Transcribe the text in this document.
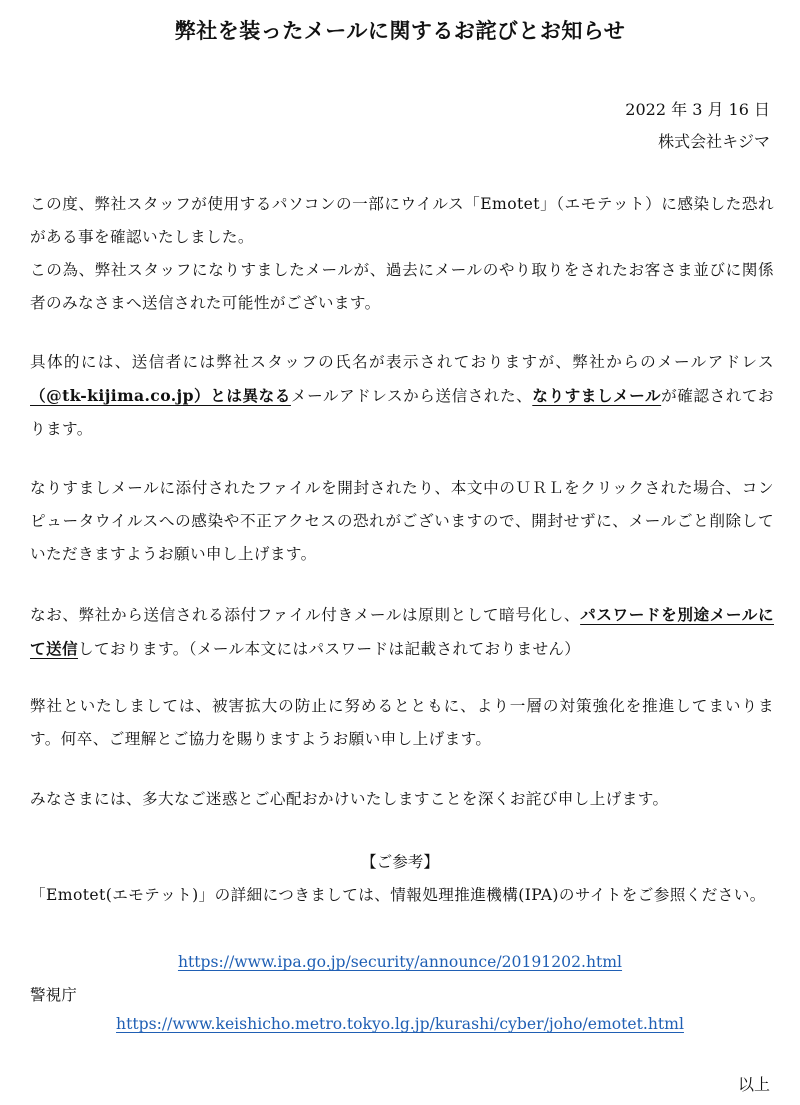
弊社を装ったメールに関するお詫びとお知らせ
2022 年 3 月 16 日
株式会社キジマ
この度、弊社スタッフが使用するパソコンの一部にウイルス「Emotet」（エモテット）に感染した恐れがある事を確認いたしました。
この為、弊社スタッフになりすましたメールが、過去にメールのやり取りをされたお客さま並びに関係者のみなさまへ送信された可能性がございます。
具体的には、送信者には弊社スタッフの氏名が表示されておりますが、弊社からのメールアドレス（@tk-kijima.co.jp）とは異なるメールアドレスから送信された、なりすましメールが確認されております。
なりすましメールに添付されたファイルを開封されたり、本文中のＵＲＬをクリックされた場合、コンピュータウイルスへの感染や不正アクセスの恐れがございますので、開封せずに、メールごと削除していただきますようお願い申し上げます。
なお、弊社から送信される添付ファイル付きメールは原則として暗号化し、パスワードを別途メールにて送信しております。（メール本文にはパスワードは記載されておりません）
弊社といたしましては、被害拡大の防止に努めるとともに、より一層の対策強化を推進してまいります。何卒、ご理解とご協力を賜りますようお願い申し上げます。
みなさまには、多大なご迷惑とご心配おかけいたしますことを深くお詫び申し上げます。
【ご参考】
「Emotet(エモテット)」の詳細につきましては、情報処理推進機構(IPA)のサイトをご参照ください。
https://www.ipa.go.jp/security/announce/20191202.html
警視庁
https://www.keishicho.metro.tokyo.lg.jp/kurashi/cyber/joho/emotet.html
以上
